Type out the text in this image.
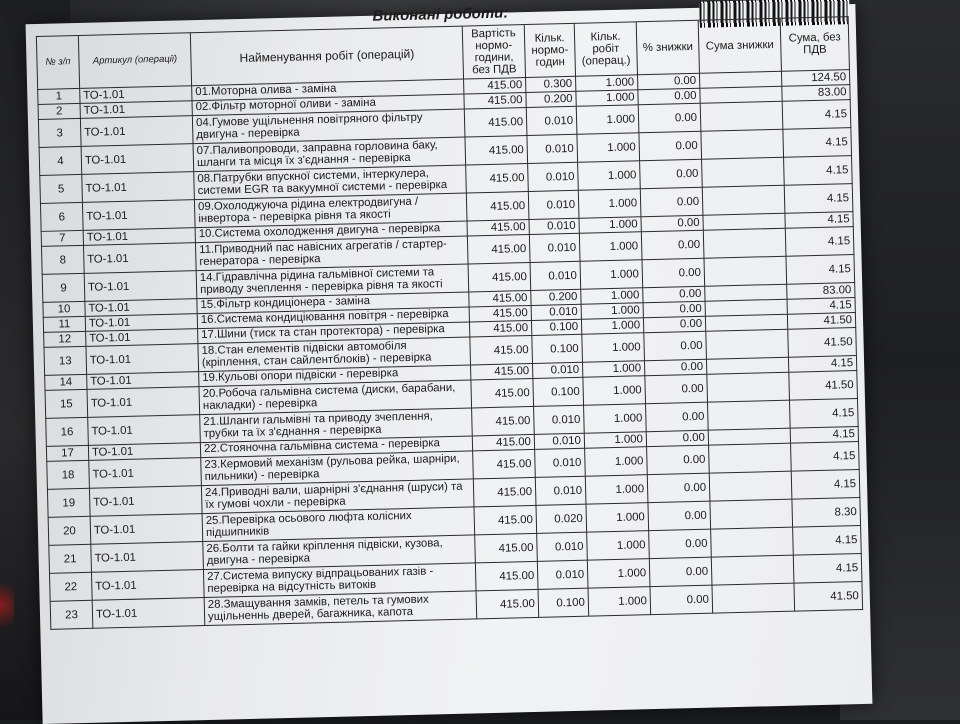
Виконані роботи:
№ з/п	Артикул (операції)	Найменування робіт (операцій)	Вартість нормо-години, без ПДВ	Кільк. нормо-годин	Кільк. робіт (операц.)	% знижки	Сума знижки	Сума, без ПДВ
1	ТО-1.01	01.Моторна олива - заміна	415.00	0.300	1.000	0.00		124.50
2	ТО-1.01	02.Фільтр моторної оливи - заміна	415.00	0.200	1.000	0.00		83.00
3	ТО-1.01	04.Гумове ущільнення повітряного фільтру двигуна - перевірка	415.00	0.010	1.000	0.00		4.15
4	ТО-1.01	07.Паливопроводи, заправна горловина баку, шланги та місця їх з'єднання - перевірка	415.00	0.010	1.000	0.00		4.15
5	ТО-1.01	08.Патрубки впускної системи, інтеркулера, системи EGR та вакуумної системи - перевірка	415.00	0.010	1.000	0.00		4.15
6	ТО-1.01	09.Охолоджуюча рідина електродвигуна / інвертора - перевірка рівня та якості	415.00	0.010	1.000	0.00		4.15
7	ТО-1.01	10.Система охолодження двигуна - перевірка	415.00	0.010	1.000	0.00		4.15
8	ТО-1.01	11.Приводний пас навісних агрегатів / стартер-генератора - перевірка	415.00	0.010	1.000	0.00		4.15
9	ТО-1.01	14.Гідравлічна рідина гальмівної сиcтеми та приводу зчеплення - перевірка рівня та якості	415.00	0.010	1.000	0.00		4.15
10	ТО-1.01	15.Фільтр кондиціонера - заміна	415.00	0.200	1.000	0.00		83.00
11	ТО-1.01	16.Система кондиціювання повітря - перевірка	415.00	0.010	1.000	0.00		4.15
12	ТО-1.01	17.Шини (тиск та стан протектора) - перевірка	415.00	0.100	1.000	0.00		41.50
13	ТО-1.01	18.Стан елементів підвіски автомобіля (кріплення, стан сайлентблоків) - перевірка	415.00	0.100	1.000	0.00		41.50
14	ТО-1.01	19.Кульові опори підвіски - перевірка	415.00	0.010	1.000	0.00		4.15
15	ТО-1.01	20.Робоча гальмівна система (диски, барабани, накладки) - перевірка	415.00	0.100	1.000	0.00		41.50
16	ТО-1.01	21.Шланги гальмівні та приводу зчеплення, трубки та їх з'єднання - перевірка	415.00	0.010	1.000	0.00		4.15
17	ТО-1.01	22.Стояночна гальмівна система - перевірка	415.00	0.010	1.000	0.00		4.15
18	ТО-1.01	23.Кермовий механізм (рульова рейка, шарніри, пильники) - перевірка	415.00	0.010	1.000	0.00		4.15
19	ТО-1.01	24.Приводні вали, шарнірні з'єднання (шруси) та їх гумові чохли - перевірка	415.00	0.010	1.000	0.00		4.15
20	ТО-1.01	25.Перевірка осьового люфта колісних підшипників	415.00	0.020	1.000	0.00		8.30
21	ТО-1.01	26.Болти та гайки кріплення підвіски, кузова, двигуна - перевірка	415.00	0.010	1.000	0.00		4.15
22	ТО-1.01	27.Система випуску відпрацьованих газів - перевірка на відсутність витоків	415.00	0.010	1.000	0.00		4.15
23	ТО-1.01	28.Змащування замків, петель та гумових ущільненнь дверей, багажника, капота	415.00	0.100	1.000	0.00		41.50
